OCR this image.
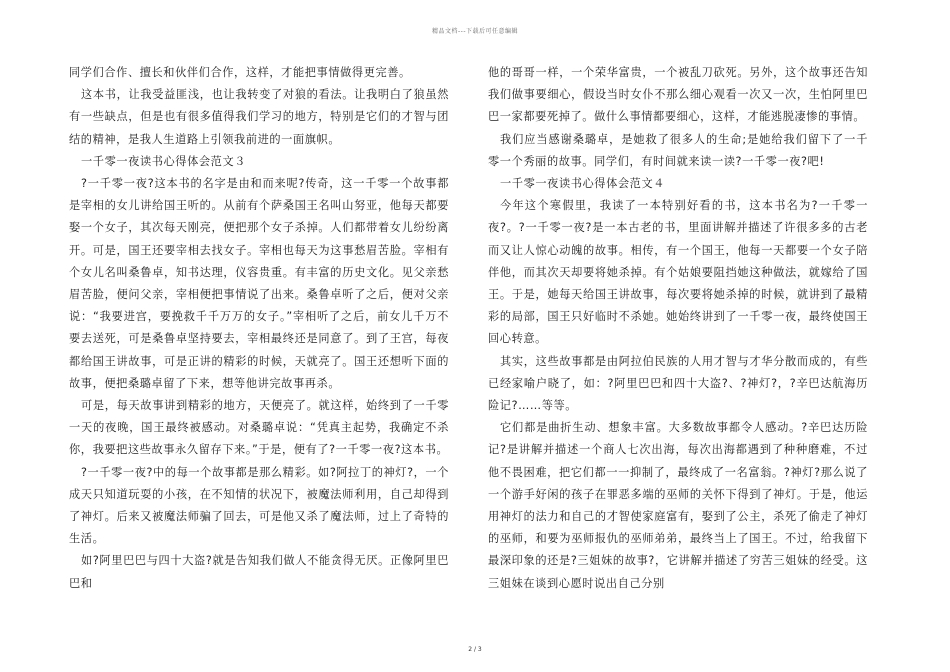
精品文档---下载后可任意编辑

同学们合作、擅长和伙伴们合作，这样，才能把事情做得更完善。

这本书，让我受益匪浅，也让我转变了对狼的看法。让我明白了狼虽然有一些缺点，但是也有很多值得我们学习的地方，特别是它们的才智与团结的精神，是我人生道路上引领我前进的一面旗帜。

一千零一夜读书心得体会范文３

?一千零一夜?这本书的名字是由和而来呢?传奇，这一千零一个故事都是宰相的女儿讲给国王听的。从前有个萨桑国王名叫山努亚，他每天都要娶一个女子，其次每天刚亮，便把那个女子杀掉。人们都带着女儿纷纷离开。可是，国王还要宰相去找女子。宰相也每天为这事愁眉苦脸。宰相有个女儿名叫桑鲁卓，知书达理，仪容贵重。有丰富的历史文化。见父亲愁眉苦脸，便问父亲，宰相便把事情说了出来。桑鲁卓听了之后，便对父亲说：“我要进宫，要挽救千千万万的女子。”宰相听了之后，前女儿千万不要去送死，可是桑鲁卓坚持要去，宰相最终还是同意了。到了王宫，每夜都给国王讲故事，可是正讲的精彩的时候，天就亮了。国王还想听下面的故事，便把桑璐卓留了下来，想等他讲完故事再杀。

可是，每天故事讲到精彩的地方，天便亮了。就这样，始终到了一千零一天的夜晚，国王最终被感动。对桑璐卓说：“凭真主起势，我确定不杀你，我要把这些故事永久留存下来。”于是，便有了?一千零一夜?这本书。

?一千零一夜?中的每一个故事都是那么精彩。如?阿拉丁的神灯?，一个成天只知道玩耍的小孩，在不知情的状况下，被魔法师利用，自己却得到了神灯。后来又被魔法师骗了回去，可是他又杀了魔法师，过上了奇特的生活。

如?阿里巴巴与四十大盗?就是告知我们做人不能贪得无厌。正像阿里巴巴和

他的哥哥一样，一个荣华富贵，一个被乱刀砍死。另外，这个故事还告知我们做事要细心，假设当时女仆不那么细心观看一次又一次，生怕阿里巴巴一家都要死掉了。做什么事情都要细心，这样，才能逃脱凄惨的事情。

我们应当感谢桑璐卓，是她救了很多人的生命;是她给我们留下了一千零一个秀丽的故事。同学们，有时间就来读一读?一千零一夜?吧!

一千零一夜读书心得体会范文４

今年这个寒假里，我读了一本特别好看的书，这本书名为?一千零一夜?。?一千零一夜?是一本古老的书，里面讲解并描述了许很多多的古老而又让人惊心动魄的故事。相传，有一个国王，他每一天都要一个女子陪伴他，而其次天却要将她杀掉。有个姑娘要阻挡她这种做法，就嫁给了国王。于是，她每天给国王讲故事，每次要将她杀掉的时候，就讲到了最精彩的局部，国王只好临时不杀她。她始终讲到了一千零一夜，最终使国王回心转意。

其实，这些故事都是由阿拉伯民族的人用才智与才华分散而成的，有些已经家喻户晓了，如：?阿里巴巴和四十大盗?、?神灯?，?辛巴达航海历险记?……等等。

它们都是曲折生动、想象丰富。大多数故事都令人感动。?辛巴达历险记?是讲解并描述一个商人七次出海，每次出海都遇到了种种磨难，不过他不畏困难，把它们都一一抑制了，最终成了一名富翁。?神灯?那么说了一个游手好闲的孩子在罪恶多端的巫师的关怀下得到了神灯。于是，他运用神灯的法力和自己的才智使家庭富有，娶到了公主，杀死了偷走了神灯的巫师，和要为巫师报仇的巫师弟弟，最终当上了国王。不过，给我留下最深印象的还是?三姐妹的故事?，它讲解并描述了穷苦三姐妹的经受。这三姐妹在谈到心愿时说出自己分别

2 / 3
